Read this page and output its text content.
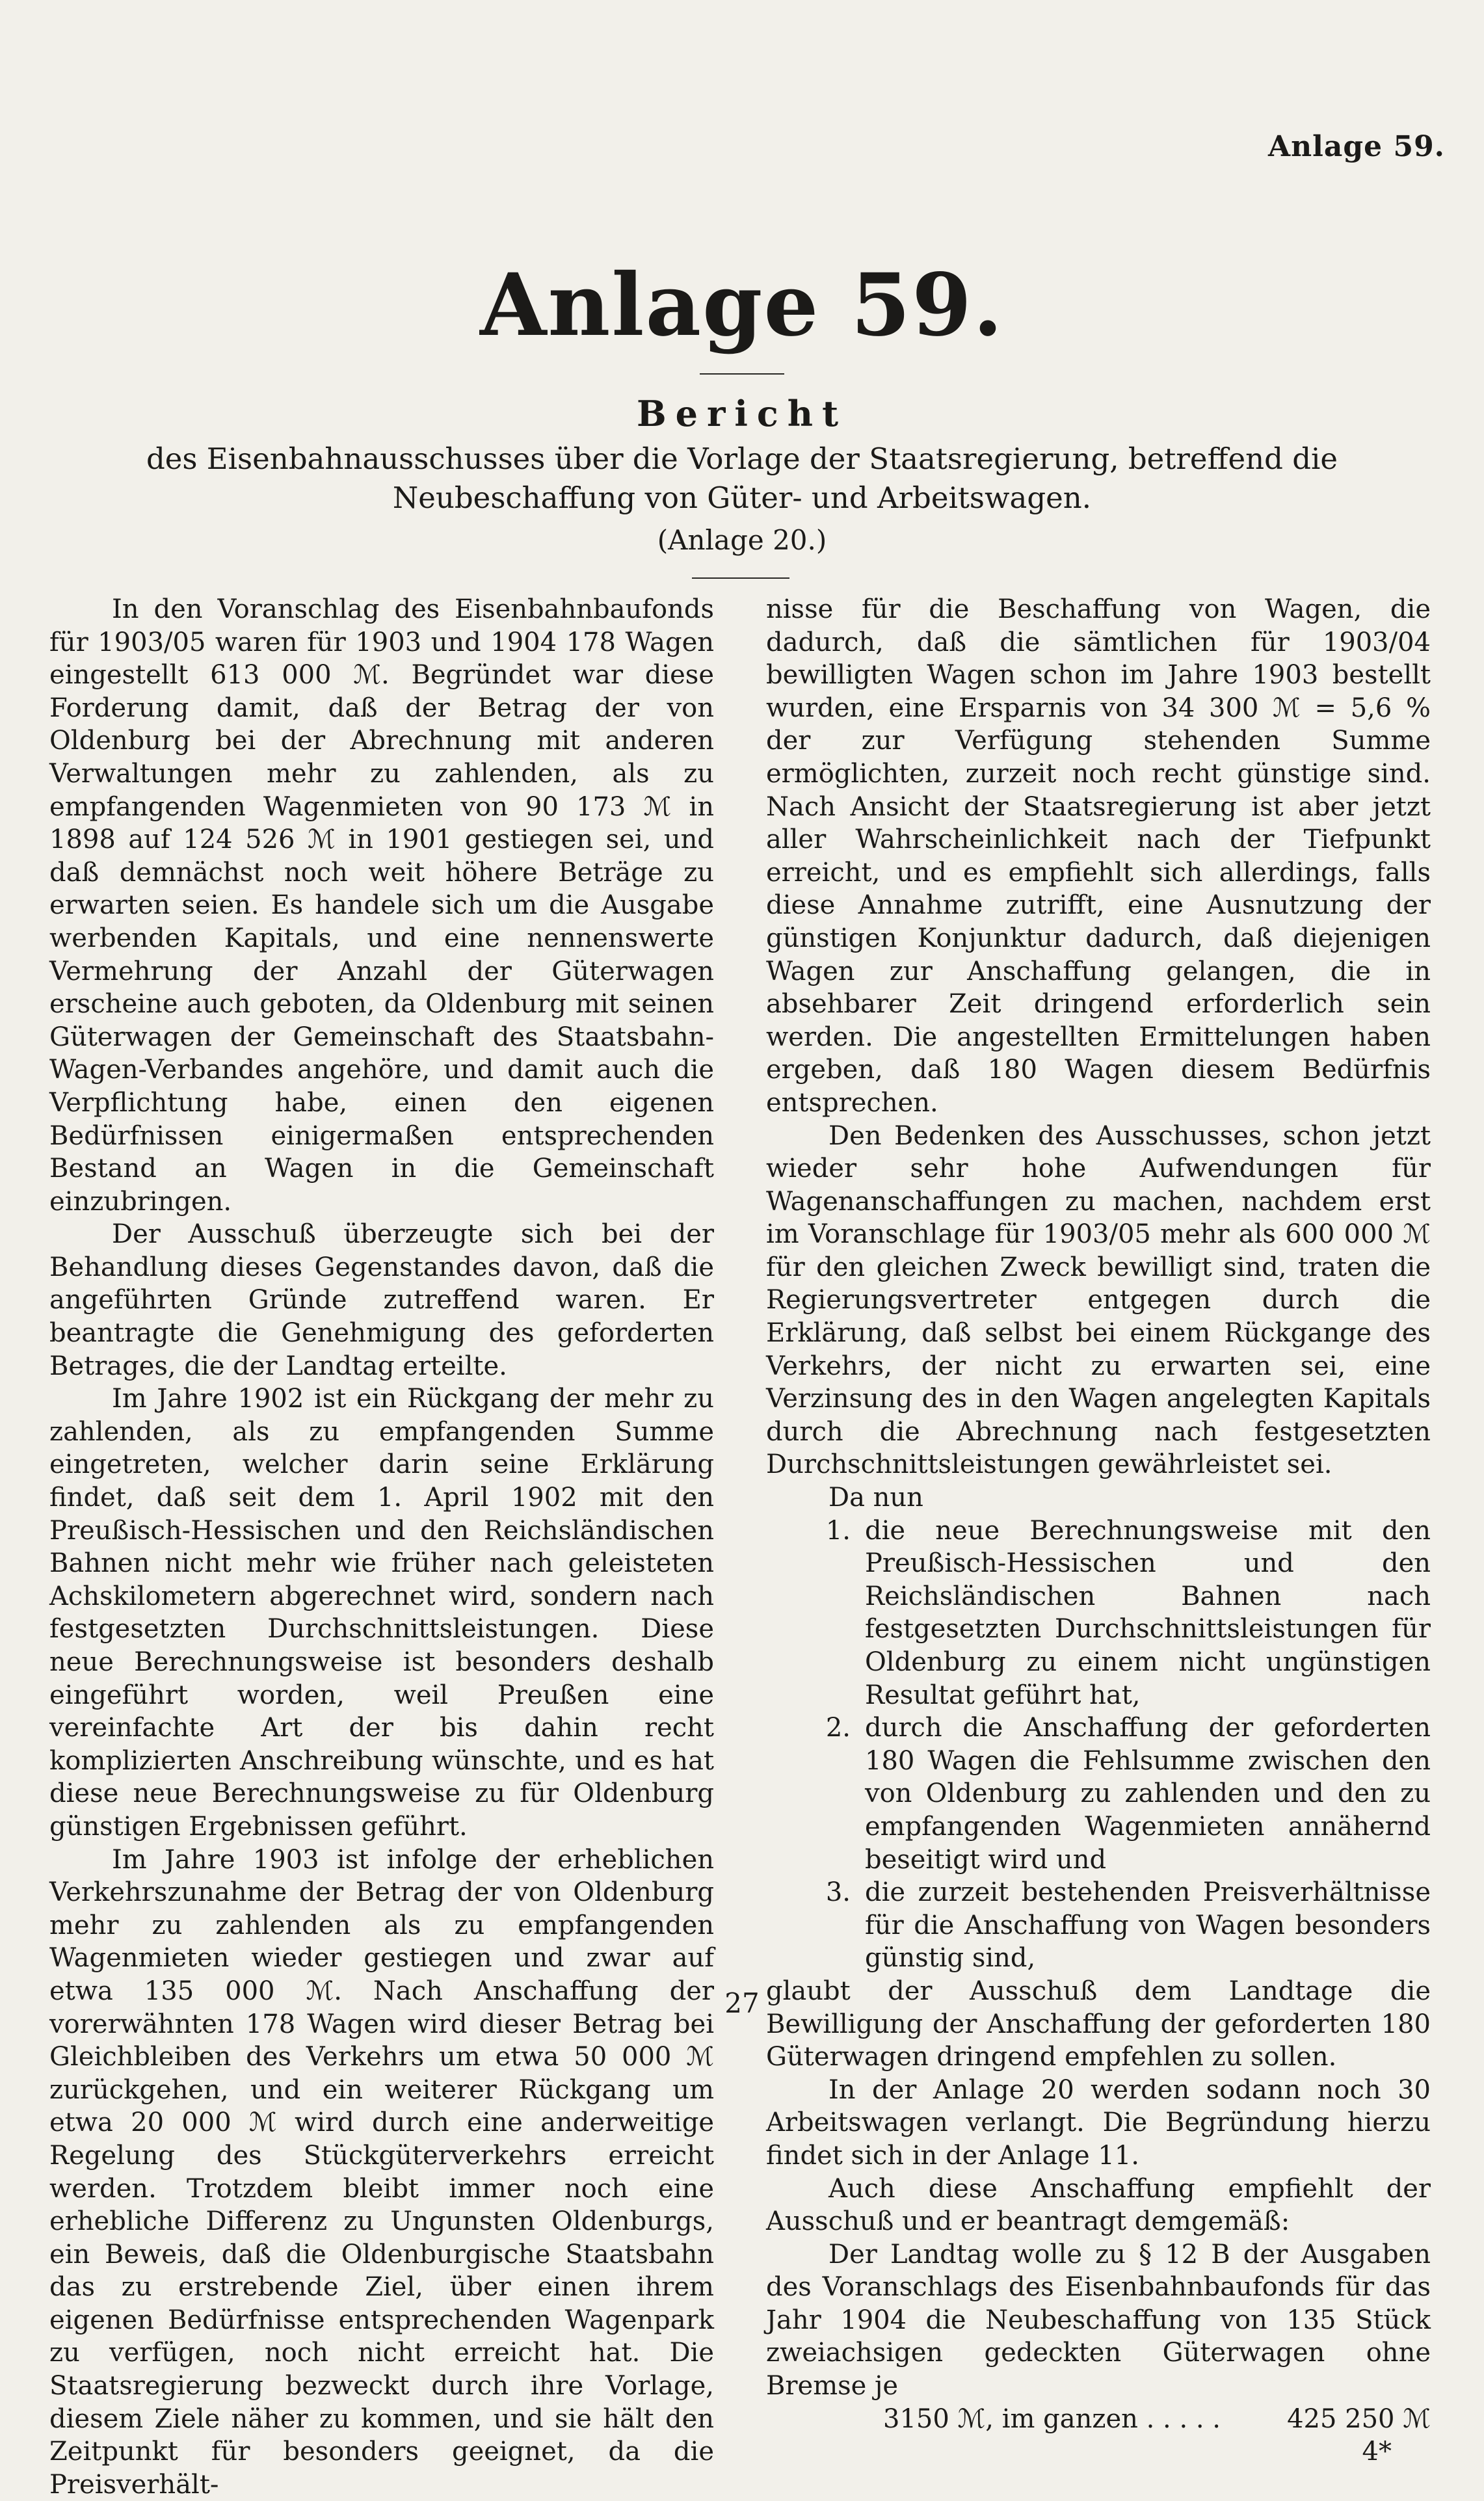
Anlage 59.
Anlage 59.
Bericht
des Eisenbahnausschusses über die Vorlage der Staatsregierung, betreffend die Neubeschaffung von Güter- und Arbeitswagen.
(Anlage 20.)

In den Voranschlag des Eisenbahnbaufonds für 1903/05 waren für 1903 und 1904 178 Wagen eingestellt 613 000 ℳ. Begründet war diese Forderung damit, daß der Betrag der von Oldenburg bei der Abrechnung mit anderen Verwaltungen mehr zu zahlenden, als zu empfangenden Wagenmieten von 90 173 ℳ in 1898 auf 124 526 ℳ in 1901 gestiegen sei, und daß demnächst noch weit höhere Beträge zu erwarten seien. Es handele sich um die Ausgabe werbenden Kapitals, und eine nennenswerte Vermehrung der Anzahl der Güterwagen erscheine auch geboten, da Oldenburg mit seinen Güterwagen der Gemeinschaft des Staatsbahn-Wagen-Verbandes angehöre, und damit auch die Verpflichtung habe, einen den eigenen Bedürfnissen einigermaßen entsprechenden Bestand an Wagen in die Gemeinschaft einzubringen.

Der Ausschuß überzeugte sich bei der Behandlung dieses Gegenstandes davon, daß die angeführten Gründe zutreffend waren. Er beantragte die Genehmigung des geforderten Betrages, die der Landtag erteilte.

Im Jahre 1902 ist ein Rückgang der mehr zu zahlenden, als zu empfangenden Summe eingetreten, welcher darin seine Erklärung findet, daß seit dem 1. April 1902 mit den Preußisch-Hessischen und den Reichsländischen Bahnen nicht mehr wie früher nach geleisteten Achskilometern abgerechnet wird, sondern nach festgesetzten Durchschnittsleistungen. Diese neue Berechnungsweise ist besonders deshalb eingeführt worden, weil Preußen eine vereinfachte Art der bis dahin recht komplizierten Anschreibung wünschte, und es hat diese neue Berechnungsweise zu für Oldenburg günstigen Ergebnissen geführt.

Im Jahre 1903 ist infolge der erheblichen Verkehrszunahme der Betrag der von Oldenburg mehr zu zahlenden als zu empfangenden Wagenmieten wieder gestiegen und zwar auf etwa 135 000 ℳ. Nach Anschaffung der vorerwähnten 178 Wagen wird dieser Betrag bei Gleichbleiben des Verkehrs um etwa 50 000 ℳ zurückgehen, und ein weiterer Rückgang um etwa 20 000 ℳ wird durch eine anderweitige Regelung des Stückgüterverkehrs erreicht werden. Trotzdem bleibt immer noch eine erhebliche Differenz zu Ungunsten Oldenburgs, ein Beweis, daß die Oldenburgische Staatsbahn das zu erstrebende Ziel, über einen ihrem eigenen Bedürfnisse entsprechenden Wagenpark zu verfügen, noch nicht erreicht hat. Die Staatsregierung bezweckt durch ihre Vorlage, diesem Ziele näher zu kommen, und sie hält den Zeitpunkt für besonders geeignet, da die Preisverhält-

nisse für die Beschaffung von Wagen, die dadurch, daß die sämtlichen für 1903/04 bewilligten Wagen schon im Jahre 1903 bestellt wurden, eine Ersparnis von 34 300 ℳ = 5,6 % der zur Verfügung stehenden Summe ermöglichten, zurzeit noch recht günstige sind. Nach Ansicht der Staatsregierung ist aber jetzt aller Wahrscheinlichkeit nach der Tiefpunkt erreicht, und es empfiehlt sich allerdings, falls diese Annahme zutrifft, eine Ausnutzung der günstigen Konjunktur dadurch, daß diejenigen Wagen zur Anschaffung gelangen, die in absehbarer Zeit dringend erforderlich sein werden. Die angestellten Ermittelungen haben ergeben, daß 180 Wagen diesem Bedürfnis entsprechen.

Den Bedenken des Ausschusses, schon jetzt wieder sehr hohe Aufwendungen für Wagenanschaffungen zu machen, nachdem erst im Voranschlage für 1903/05 mehr als 600 000 ℳ für den gleichen Zweck bewilligt sind, traten die Regierungsvertreter entgegen durch die Erklärung, daß selbst bei einem Rückgange des Verkehrs, der nicht zu erwarten sei, eine Verzinsung des in den Wagen angelegten Kapitals durch die Abrechnung nach festgesetzten Durchschnittsleistungen gewährleistet sei.

Da nun

1. die neue Berechnungsweise mit den Preußisch-Hessischen und den Reichsländischen Bahnen nach festgesetzten Durchschnittsleistungen für Oldenburg zu einem nicht ungünstigen Resultat geführt hat,
2. durch die Anschaffung der geforderten 180 Wagen die Fehlsumme zwischen den von Oldenburg zu zahlenden und den zu empfangenden Wagenmieten annähernd beseitigt wird und
3. die zurzeit bestehenden Preisverhältnisse für die Anschaffung von Wagen besonders günstig sind,

glaubt der Ausschuß dem Landtage die Bewilligung der Anschaffung der geforderten 180 Güterwagen dringend empfehlen zu sollen.

In der Anlage 20 werden sodann noch 30 Arbeitswagen verlangt. Die Begründung hierzu findet sich in der Anlage 11.

Auch diese Anschaffung empfiehlt der Ausschuß und er beantragt demgemäß:

Der Landtag wolle zu § 12 B der Ausgaben des Voranschlags des Eisenbahnbaufonds für das Jahr 1904 die Neubeschaffung von 135 Stück zweiachsigen gedeckten Güterwagen ohne Bremse je

3150 ℳ, im ganzen . . . . .	425 250 ℳ
4*
27
